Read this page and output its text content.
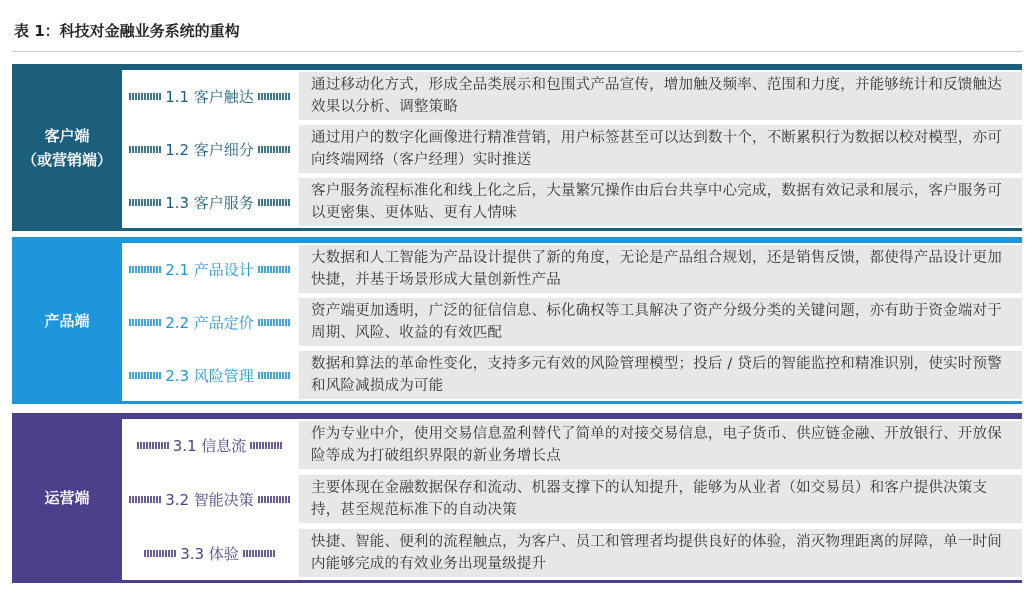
表 1：科技对金融业务系统的重构
客户端
（或营销端）
1.1 客户触达
通过移动化方式，形成全品类展示和包围式产品宣传，增加触及频率、范围和力度，并能够统计和反馈触达效果以分析、调整策略
1.2 客户细分
通过用户的数字化画像进行精准营销，用户标签甚至可以达到数十个，不断累积行为数据以校对模型，亦可向终端网络（客户经理）实时推送
1.3 客户服务
客户服务流程标准化和线上化之后，大量繁冗操作由后台共享中心完成，数据有效记录和展示，客户服务可以更密集、更体贴、更有人情味
产品端
2.1 产品设计
大数据和人工智能为产品设计提供了新的角度，无论是产品组合规划，还是销售反馈，都使得产品设计更加快捷，并基于场景形成大量创新性产品
2.2 产品定价
资产端更加透明，广泛的征信信息、标化确权等工具解决了资产分级分类的关键问题，亦有助于资金端对于周期、风险、收益的有效匹配
2.3 风险管理
数据和算法的革命性变化，支持多元有效的风险管理模型；投后 / 贷后的智能监控和精准识别，使实时预警和风险减损成为可能
运营端
3.1 信息流
作为专业中介，使用交易信息盈利替代了简单的对接交易信息，电子货币、供应链金融、开放银行、开放保险等成为打破组织界限的新业务增长点
3.2 智能决策
主要体现在金融数据保存和流动、机器支撑下的认知提升，能够为从业者（如交易员）和客户提供决策支持，甚至规范标准下的自动决策
3.3 体验
快捷、智能、便利的流程触点，为客户、员工和管理者均提供良好的体验，消灭物理距离的屏障，单一时间内能够完成的有效业务出现量级提升
